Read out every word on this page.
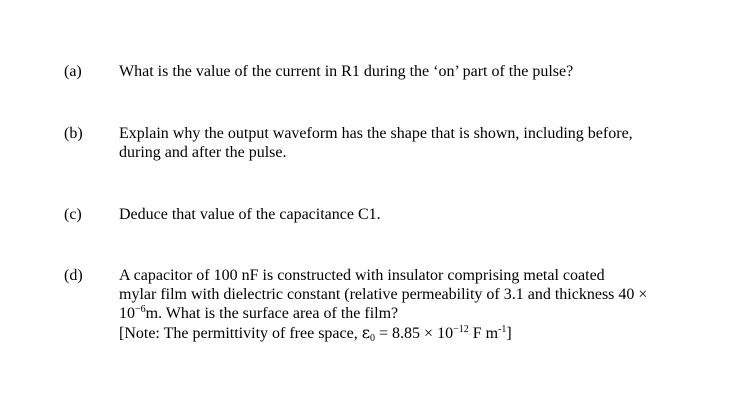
(a) What is the value of the current in R1 during the ‘on’ part of the pulse?
(b) Explain why the output waveform has the shape that is shown, including before,
during and after the pulse.
(c) Deduce that value of the capacitance C1.
(d) A capacitor of 100 nF is constructed with insulator comprising metal coated
mylar film with dielectric constant (relative permeability of 3.1 and thickness 40 ×
$10^{-6}m$. What is the surface area of the film?
[Note: The permittivity of free space, $\varepsilon_0 = 8.85 \times 10^{-12}$ F $m^{-1}$]
